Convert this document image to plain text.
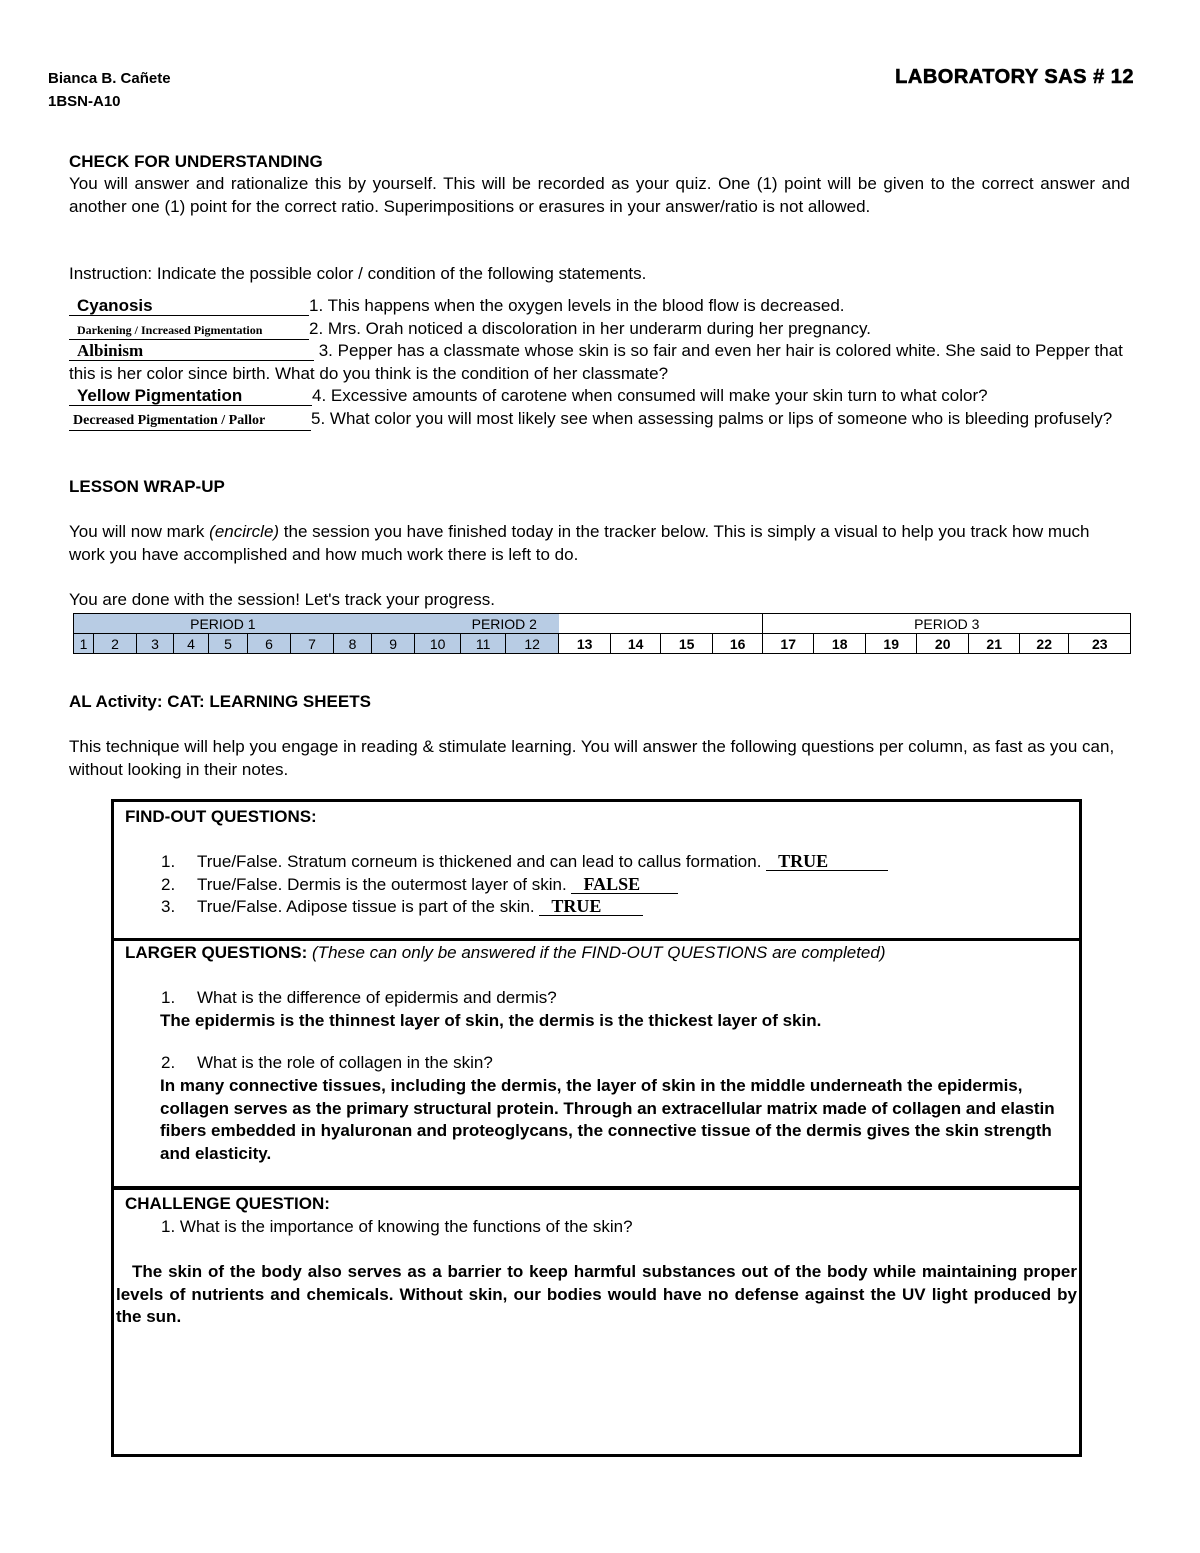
Bianca B. Cañete
1BSN-A10
LABORATORY SAS # 12
CHECK FOR UNDERSTANDING
You will answer and rationalize this by yourself. This will be recorded as your quiz. One (1) point will be given to the correct answer and another one (1) point for the correct ratio. Superimpositions or erasures in your answer/ratio is not allowed.
Instruction: Indicate the possible color / condition of the following statements.
Cyanosis	1. This happens when the oxygen levels in the blood flow is decreased.
Darkening / Increased Pigmentation	2. Mrs. Orah noticed a discoloration in her underarm during her pregnancy.
Albinism	3. Pepper has a classmate whose skin is so fair and even her hair is colored white. She said to Pepper that this is her color since birth. What do you think is the condition of her classmate?
Yellow Pigmentation	4. Excessive amounts of carotene when consumed will make your skin turn to what color?
Decreased Pigmentation / Pallor	5. What color you will most likely see when assessing palms or lips of someone who is bleeding profusely?
LESSON WRAP-UP
You will now mark (encircle) the session you have finished today in the tracker below. This is simply a visual to help you track how much work you have accomplished and how much work there is left to do.
You are done with the session! Let's track your progress.
PERIOD 1								PERIOD 2								PERIOD 3						
1	2	3	4	5	6	7	8	9	10	11	12	13	14	15	16	17	18	19	20	21	22	23
AL Activity: CAT: LEARNING SHEETS
This technique will help you engage in reading & stimulate learning. You will answer the following questions per column, as fast as you can, without looking in their notes.
FIND-OUT QUESTIONS:
1. True/False. Stratum corneum is thickened and can lead to callus formation. TRUE
2. True/False. Dermis is the outermost layer of skin. FALSE
3. True/False. Adipose tissue is part of the skin. TRUE
LARGER QUESTIONS: (These can only be answered if the FIND-OUT QUESTIONS are completed)
1. What is the difference of epidermis and dermis?
The epidermis is the thinnest layer of skin, the dermis is the thickest layer of skin.
2. What is the role of collagen in the skin?
In many connective tissues, including the dermis, the layer of skin in the middle underneath the epidermis, collagen serves as the primary structural protein. Through an extracellular matrix made of collagen and elastin fibers embedded in hyaluronan and proteoglycans, the connective tissue of the dermis gives the skin strength and elasticity.
CHALLENGE QUESTION:
1. What is the importance of knowing the functions of the skin?
The skin of the body also serves as a barrier to keep harmful substances out of the body while maintaining proper levels of nutrients and chemicals. Without skin, our bodies would have no defense against the UV light produced by the sun.
